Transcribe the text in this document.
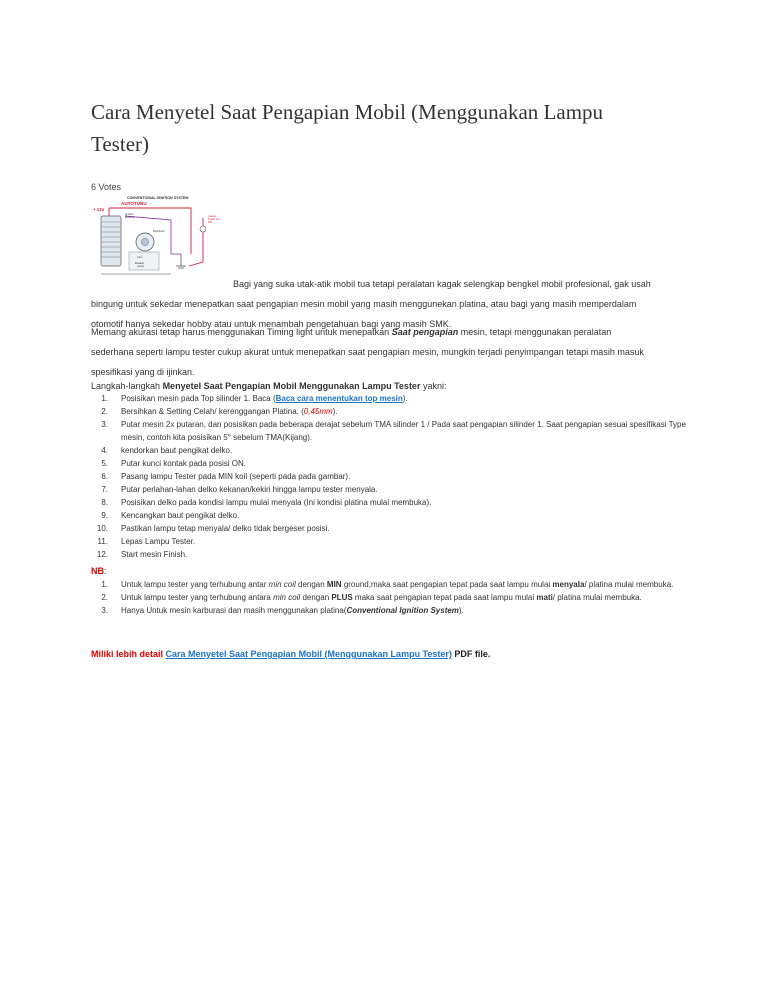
Cara Menyetel Saat Pengapian Mobil (Menggunakan Lampu Tester)
6 Votes
CONVENTIONAL IGNITION SYSTEM
AUTOTUNU
+ 12v
Ignition
terminal	Lampu
Tester 12v
5W
Distributor
Cam
Breaker
points
Bagi yang suka utak-atik mobil tua tetapi peralatan kagak selengkap bengkel mobil profesional, gak usah
bingung untuk sekedar menepatkan saat pengapian mesin mobil yang masih menggunekan platina, atau bagi yang masih memperdalam
otomotif hanya sekedar hobby atau untuk menambah pengetahuan bagi yang masih SMK.
Memang akurasi tetap harus menggunakan Timing light untuk menepatkan Saat pengapian mesin, tetapi menggunakan peralatan
sederhana seperti lampu tester cukup akurat untuk menepatkan saat pengapian mesin, mungkin terjadi penyimpangan tetapi masih masuk
spesifikasi yang di ijinkan.
Langkah-langkah Menyetel Saat Pengapian Mobil Menggunakan Lampu Tester yakni:
1. Posisikan mesin pada Top silinder 1. Baca (Baca cara menentukan top mesin).
2. Bersihkan & Setting Celah/ kerenggangan Platina. (0,45mm).
3. Putar mesin 2x putaran, dan posisikan pada beberapa derajat sebelum TMA silinder 1 / Pada saat pengapian silinder 1. Saat pengapian sesuai spesifikasi Type mesin, contoh kita posisikan 5° sebelum TMA(Kijang).
4. kendorkan baut pengikat delko.
5. Putar kunci kontak pada posisi ON.
6. Pasang lampu Tester pada MIN koil (seperti pada pada gambar).
7. Putar perlahan-lahan delko kekanan/kekiri hingga lampu tester menyala.
8. Posisikan delko pada kondisi lampu mulai menyala (Ini kondisi platina mulai membuka).
9. Kencangkan baut pengikat delko.
10. Pastikan lampu tetap menyala/ delko tidak bergeser posisi.
11. Lepas Lampu Tester.
12. Start mesin Finish.
NB:
1. Untuk lampu tester yang terhubung antar min coil dengan MIN ground,maka saat pengapian tepat pada saat lampu mulai menyala/ platina mulai membuka.
2. Untuk lampu tester yang terhubung antara min coil dengan PLUS maka saat pengapian tepat pada saat lampu mulai mati/ platina mulai membuka.
3. Hanya Untuk mesin karburasi dan masih menggunakan platina(Conventional Ignition System).
Miliki lebih detail Cara Menyetel Saat Pengapian Mobil (Menggunakan Lampu Tester) PDF file.
